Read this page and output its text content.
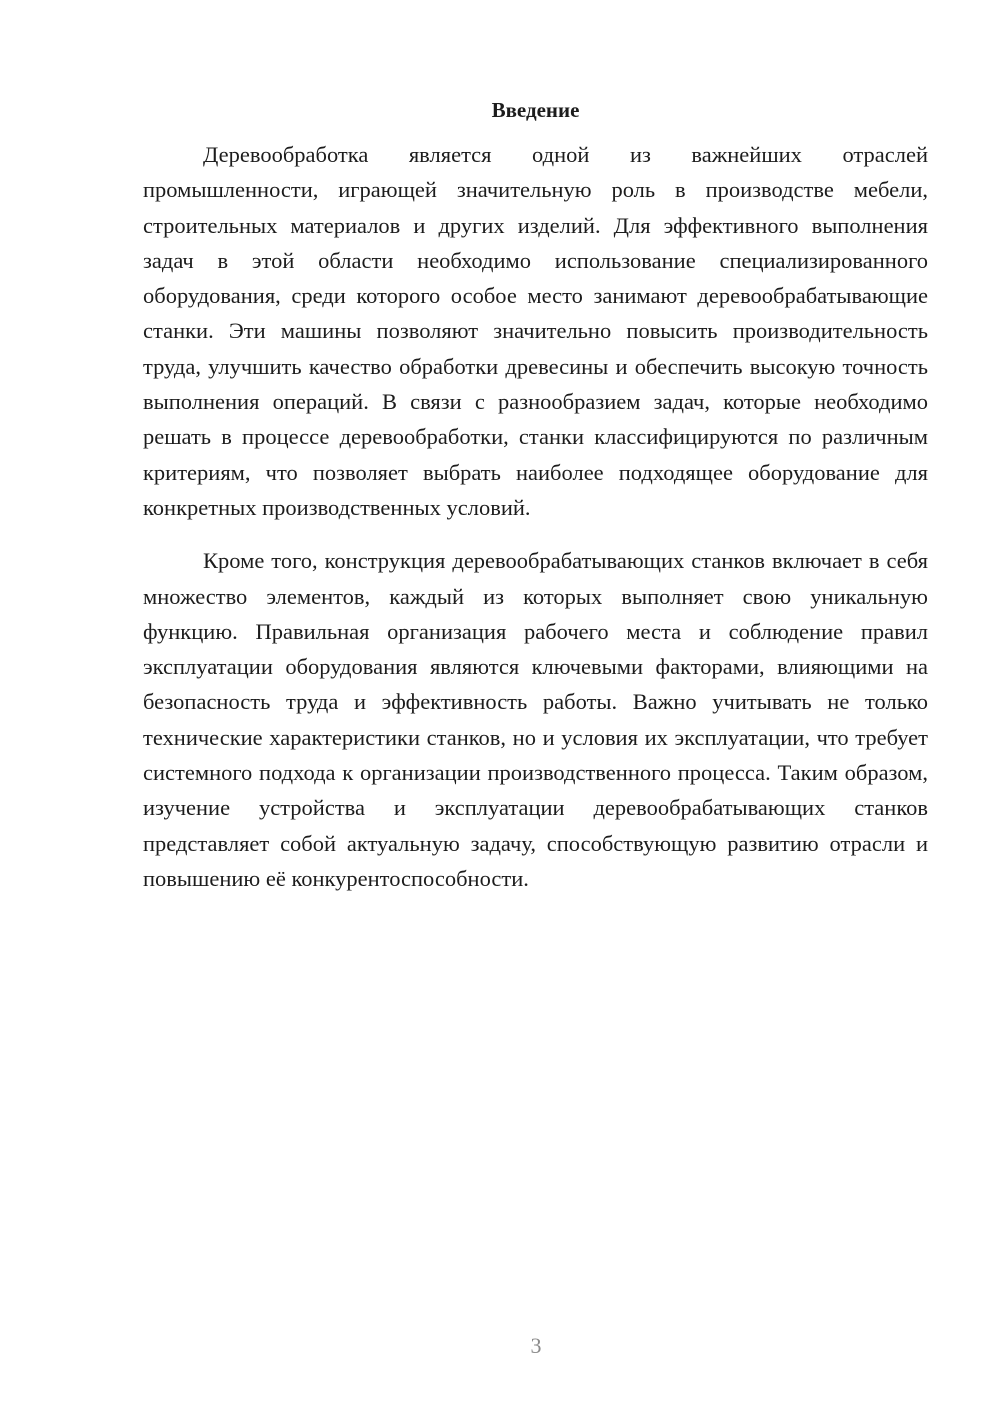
Введение

Деревообработка является одной из важнейших отраслей промышленности, играющей значительную роль в производстве мебели, строительных материалов и других изделий. Для эффективного выполнения задач в этой области необходимо использование специализированного оборудования, среди которого особое место занимают деревообрабатывающие станки. Эти машины позволяют значительно повысить производительность труда, улучшить качество обработки древесины и обеспечить высокую точность выполнения операций. В связи с разнообразием задач, которые необходимо решать в процессе деревообработки, станки классифицируются по различным критериям, что позволяет выбрать наиболее подходящее оборудование для конкретных производственных условий.

Кроме того, конструкция деревообрабатывающих станков включает в себя множество элементов, каждый из которых выполняет свою уникальную функцию. Правильная организация рабочего места и соблюдение правил эксплуатации оборудования являются ключевыми факторами, влияющими на безопасность труда и эффективность работы. Важно учитывать не только технические характеристики станков, но и условия их эксплуатации, что требует системного подхода к организации производственного процесса. Таким образом, изучение устройства и эксплуатации деревообрабатывающих станков представляет собой актуальную задачу, способствующую развитию отрасли и повышению её конкурентоспособности.

3
